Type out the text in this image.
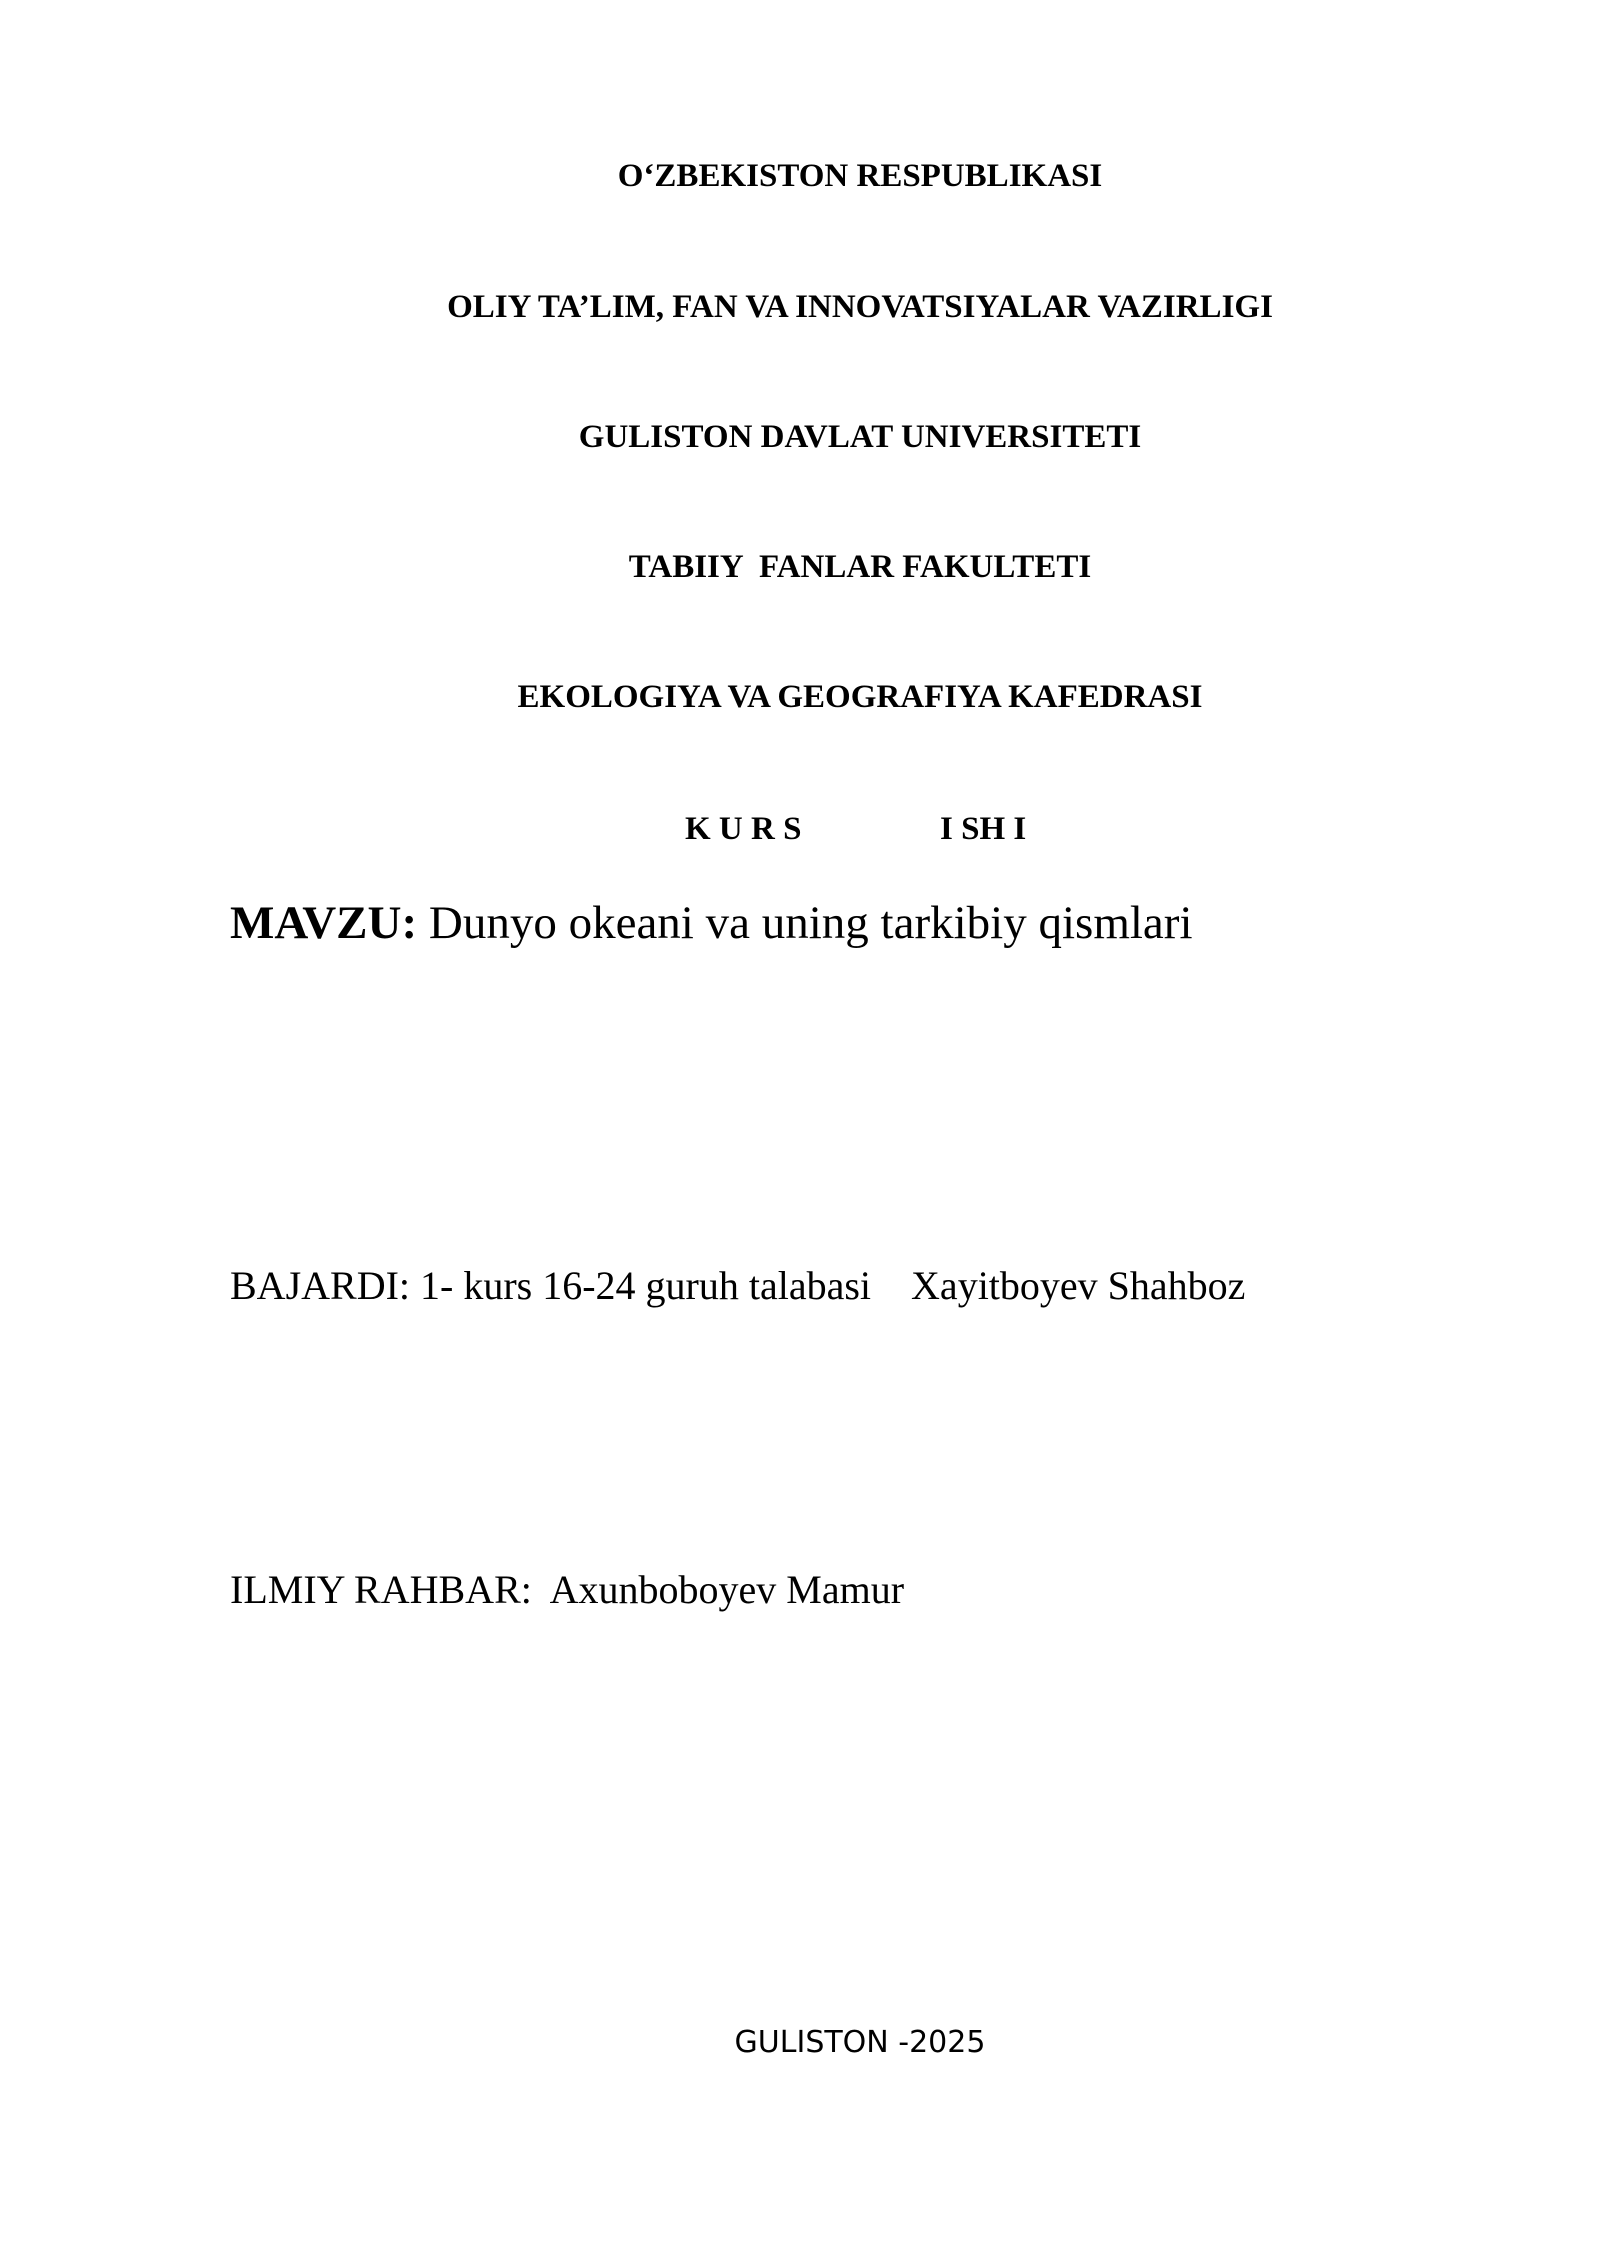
O‘ZBEKISTON RESPUBLIKASI
OLIY TA’LIM, FAN VA INNOVATSIYALAR VAZIRLIGI
GULISTON DAVLAT UNIVERSITETI
TABIIY  FANLAR FAKULTETI
EKOLOGIYA VA GEOGRAFIYA KAFEDRASI
K U R S	I SH I
MAVZU: Dunyo okeani va uning tarkibiy qismlari
BAJARDI: 1- kurs 16-24 guruh talabasi Xayitboyev Shahboz
ILMIY RAHBAR: Axunboboyev Mamur
GULISTON -2025
